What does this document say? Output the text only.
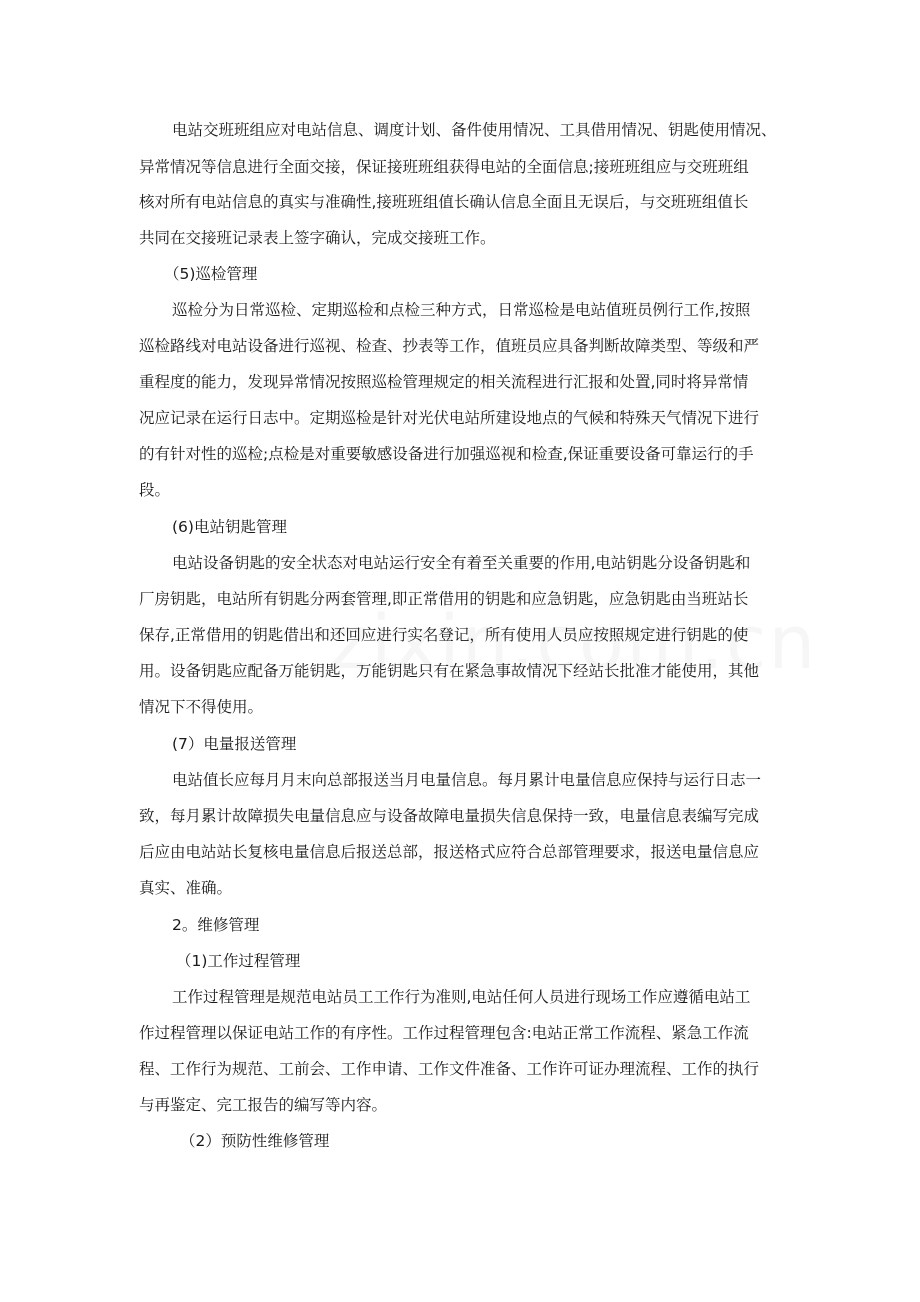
电站交班班组应对电站信息、调度计划、备件使用情况、工具借用情况、钥匙使用情况、
异常情况等信息进行全面交接，保证接班班组获得电站的全面信息;接班班组应与交班班组
核对所有电站信息的真实与准确性,接班班组值长确认信息全面且无误后，与交班班组值长
共同在交接班记录表上签字确认，完成交接班工作。
（5)巡检管理
巡检分为日常巡检、定期巡检和点检三种方式，日常巡检是电站值班员例行工作,按照
巡检路线对电站设备进行巡视、检查、抄表等工作，值班员应具备判断故障类型、等级和严
重程度的能力，发现异常情况按照巡检管理规定的相关流程进行汇报和处置,同时将异常情
况应记录在运行日志中。定期巡检是针对光伏电站所建设地点的气候和特殊天气情况下进行
的有针对性的巡检;点检是对重要敏感设备进行加强巡视和检查,保证重要设备可靠运行的手
段。
(6)电站钥匙管理
电站设备钥匙的安全状态对电站运行安全有着至关重要的作用,电站钥匙分设备钥匙和
厂房钥匙，电站所有钥匙分两套管理,即正常借用的钥匙和应急钥匙，应急钥匙由当班站长
保存,正常借用的钥匙借出和还回应进行实名登记，所有使用人员应按照规定进行钥匙的使
用。设备钥匙应配备万能钥匙，万能钥匙只有在紧急事故情况下经站长批准才能使用，其他
情况下不得使用。
(7）电量报送管理
电站值长应每月月末向总部报送当月电量信息。每月累计电量信息应保持与运行日志一
致，每月累计故障损失电量信息应与设备故障电量损失信息保持一致，电量信息表编写完成
后应由电站站长复核电量信息后报送总部，报送格式应符合总部管理要求，报送电量信息应
真实、准确。
2。维修管理
（1)工作过程管理
工作过程管理是规范电站员工工作行为准则,电站任何人员进行现场工作应遵循电站工
作过程管理以保证电站工作的有序性。工作过程管理包含:电站正常工作流程、紧急工作流
程、工作行为规范、工前会、工作申请、工作文件准备、工作许可证办理流程、工作的执行
与再鉴定、完工报告的编写等内容。
（2）预防性维修管理
